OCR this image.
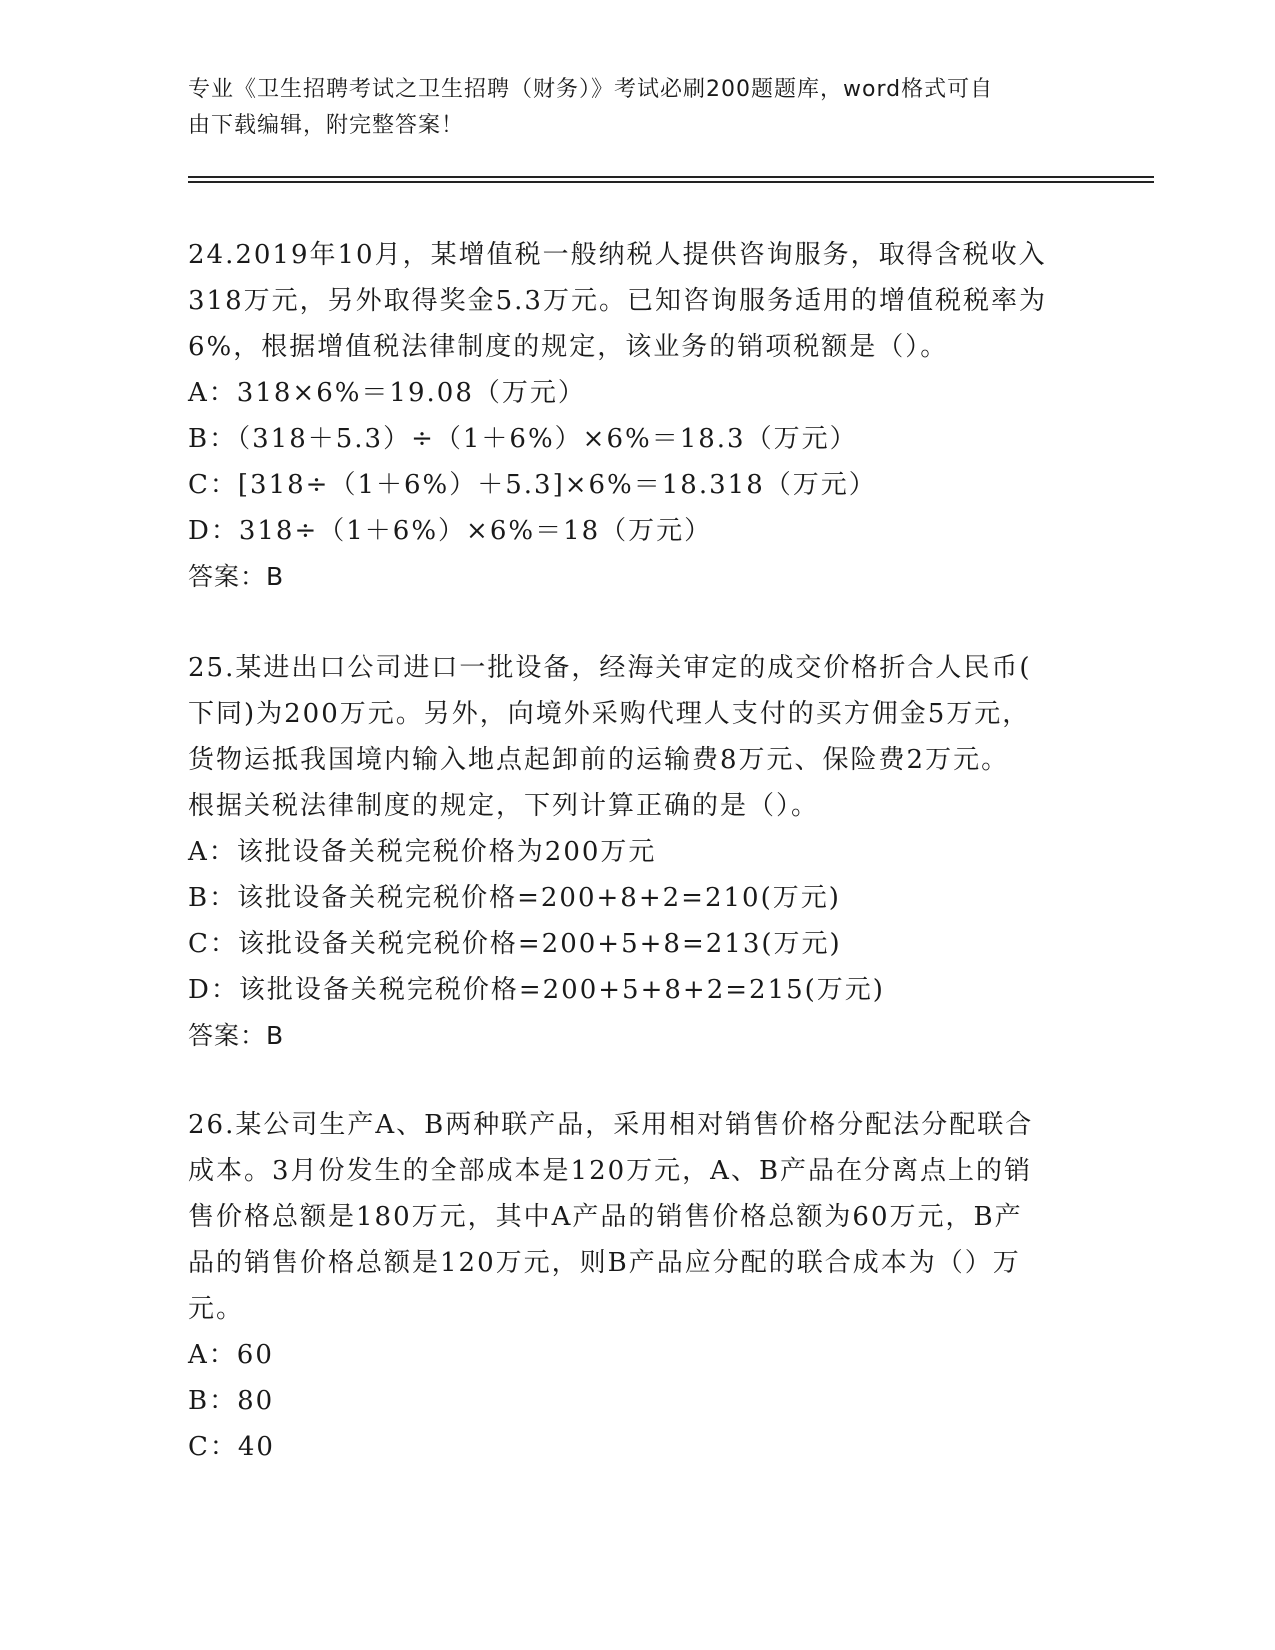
专业《卫生招聘考试之卫生招聘（财务）》考试必刷200题题库，word格式可自
由下载编辑，附完整答案！

24.2019年10月，某增值税一般纳税人提供咨询服务，取得含税收入

318万元，另外取得奖金5.3万元。已知咨询服务适用的增值税税率为

6%，根据增值税法律制度的规定，该业务的销项税额是（）。

A：318×6%＝19.08（万元）

B：（318＋5.3）÷（1＋6%）×6%＝18.3（万元）

C：[318÷（1＋6%）＋5.3]×6%＝18.318（万元）

D：318÷（1＋6%）×6%＝18（万元）

答案：B

25.某进出口公司进口一批设备，经海关审定的成交价格折合人民币(

下同)为200万元。另外，向境外采购代理人支付的买方佣金5万元，

货物运抵我国境内输入地点起卸前的运输费8万元、保险费2万元。

根据关税法律制度的规定，下列计算正确的是（）。

A：该批设备关税完税价格为200万元

B：该批设备关税完税价格=200+8+2=210(万元)

C：该批设备关税完税价格=200+5+8=213(万元)

D：该批设备关税完税价格=200+5+8+2=215(万元)

答案：B

26.某公司生产A、B两种联产品，采用相对销售价格分配法分配联合

成本。3月份发生的全部成本是120万元，A、B产品在分离点上的销

售价格总额是180万元，其中A产品的销售价格总额为60万元，B产

品的销售价格总额是120万元，则B产品应分配的联合成本为（）万

元。

A：60

B：80

C：40
